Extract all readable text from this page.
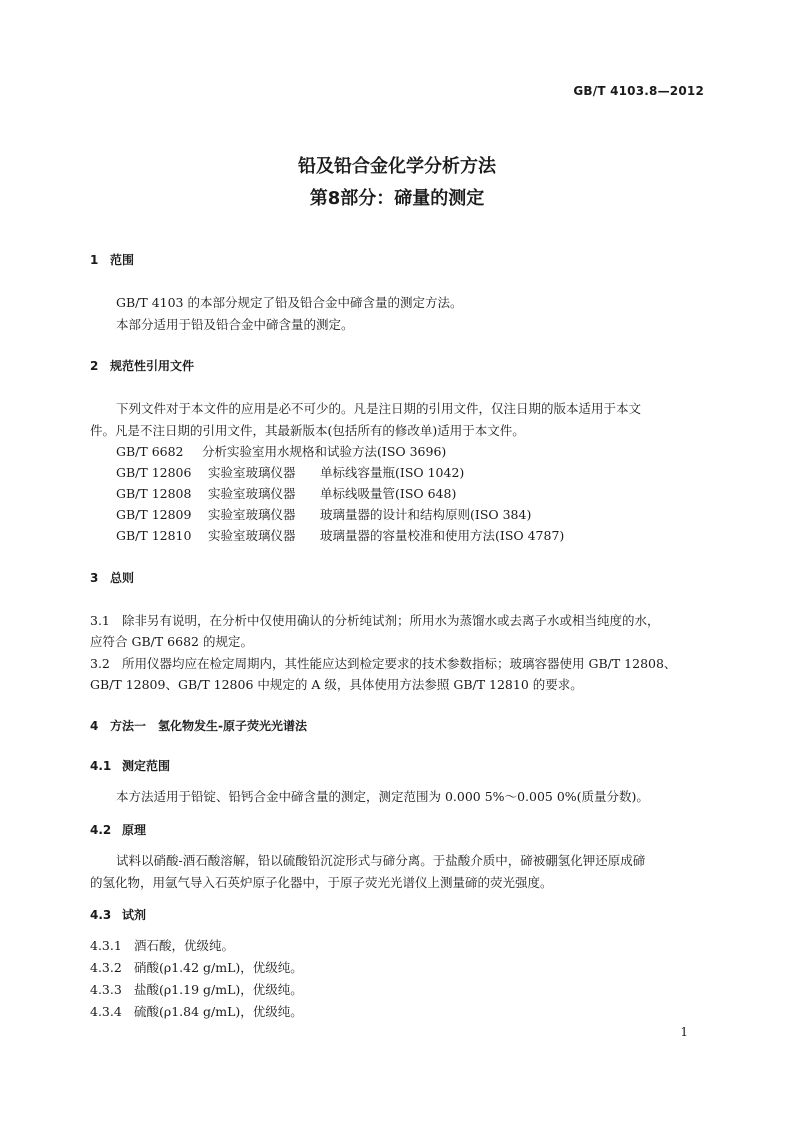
GB/T 4103.8—2012
铅及铅合金化学分析方法
第8部分：碲量的测定
1 范围
GB/T 4103 的本部分规定了铅及铅合金中碲含量的测定方法。
本部分适用于铅及铅合金中碲含量的测定。
2 规范性引用文件
下列文件对于本文件的应用是必不可少的。凡是注日期的引用文件，仅注日期的版本适用于本文
件。凡是不注日期的引用文件，其最新版本(包括所有的修改单)适用于本文件。
GB/T 6682 分析实验室用水规格和试验方法(ISO 3696)
GB/T 12806 实验室玻璃仪器 单标线容量瓶(ISO 1042)
GB/T 12808 实验室玻璃仪器 单标线吸量管(ISO 648)
GB/T 12809 实验室玻璃仪器 玻璃量器的设计和结构原则(ISO 384)
GB/T 12810 实验室玻璃仪器 玻璃量器的容量校准和使用方法(ISO 4787)
3 总则
3.1 除非另有说明，在分析中仅使用确认的分析纯试剂；所用水为蒸馏水或去离子水或相当纯度的水，
应符合 GB/T 6682 的规定。
3.2 所用仪器均应在检定周期内，其性能应达到检定要求的技术参数指标；玻璃容器使用 GB/T 12808、
GB/T 12809、GB/T 12806 中规定的 A 级，具体使用方法参照 GB/T 12810 的要求。
4 方法一　氢化物发生-原子荧光光谱法
4.1 测定范围
本方法适用于铅锭、铅钙合金中碲含量的测定，测定范围为 0.000 5%～0.005 0%(质量分数)。
4.2 原理
试料以硝酸-酒石酸溶解，铅以硫酸铅沉淀形式与碲分离。于盐酸介质中，碲被硼氢化钾还原成碲
的氢化物，用氩气导入石英炉原子化器中，于原子荧光光谱仪上测量碲的荧光强度。
4.3 试剂
4.3.1 酒石酸，优级纯。
4.3.2 硝酸(ρ1.42 g/mL)，优级纯。
4.3.3 盐酸(ρ1.19 g/mL)，优级纯。
4.3.4 硫酸(ρ1.84 g/mL)，优级纯。
1
